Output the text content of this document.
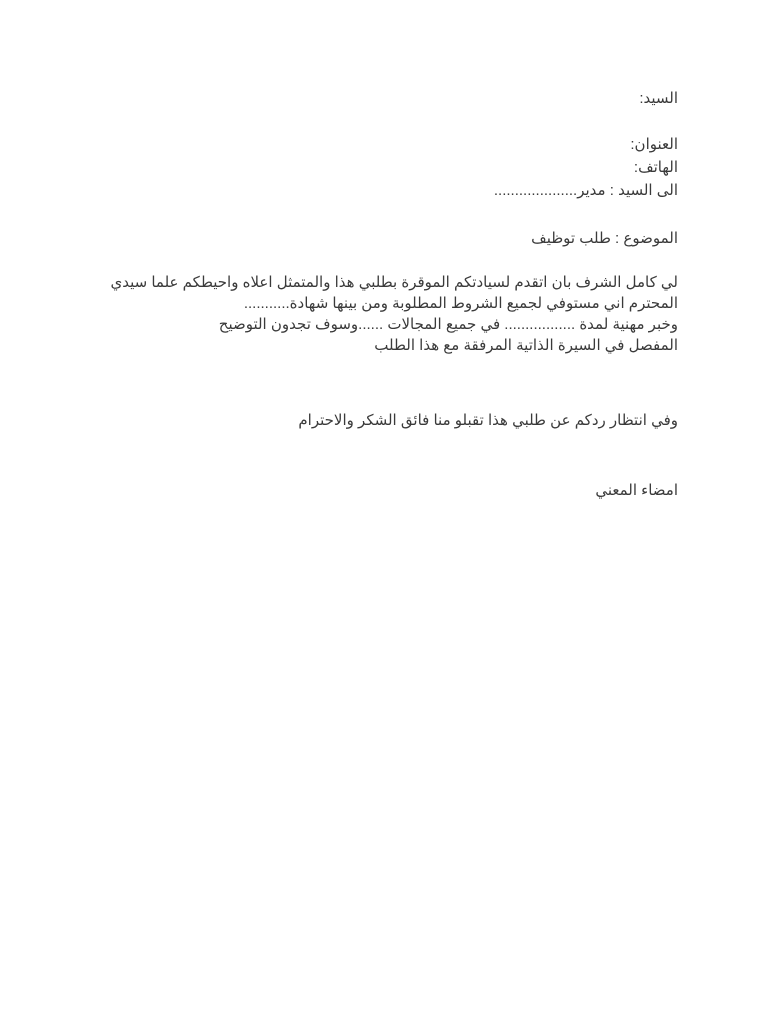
السيد:
العنوان:
الهاتف:
الى السيد : مدير....................
الموضوع : طلب توظيف
لي كامل الشرف بان اتقدم لسيادتكم الموقرة بطلبي هذا والمتمثل اعلاه واحيطكم علما سيدي
المحترم اني مستوفي لجميع الشروط المطلوبة ومن بينها شهادة...........
وخبر مهنية لمدة ................. في جميع المجالات ......وسوف تجدون التوضيح
المفصل في السيرة الذاتية المرفقة مع هذا الطلب
وفي انتظار ردكم عن طلبي هذا تقبلو منا فائق الشكر والاحترام
امضاء المعني
